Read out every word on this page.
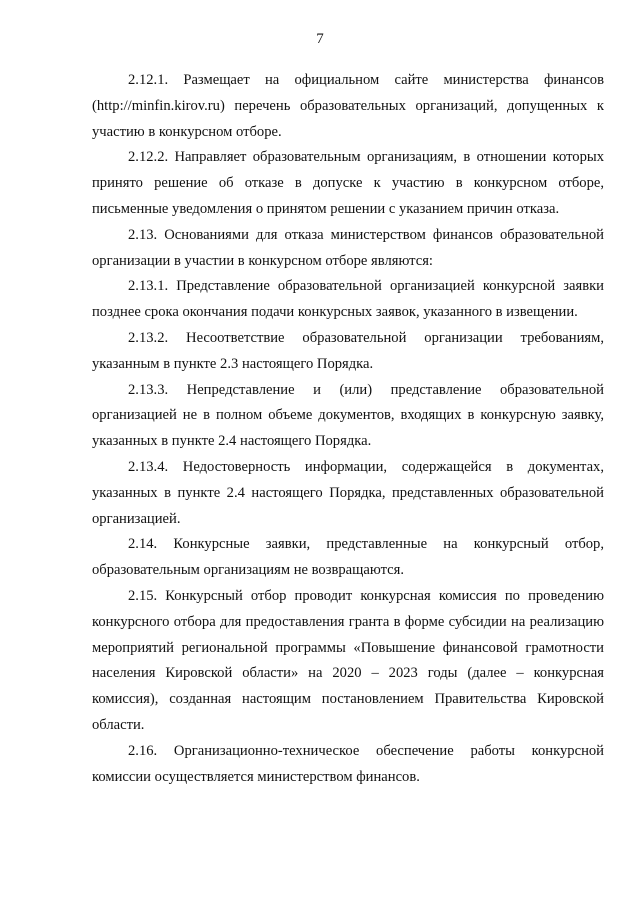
7

2.12.1. Размещает на официальном сайте министерства финансов (http://minfin.kirov.ru) перечень образовательных организаций, допущенных к участию в конкурсном отборе.

2.12.2. Направляет образовательным организациям, в отношении которых принято решение об отказе в допуске к участию в конкурсном отборе, письменные уведомления о принятом решении с указанием причин отказа.

2.13. Основаниями для отказа министерством финансов образовательной организации в участии в конкурсном отборе являются:

2.13.1. Представление образовательной организацией конкурсной заявки позднее срока окончания подачи конкурсных заявок, указанного в извещении.

2.13.2. Несоответствие образовательной организации требованиям, указанным в пункте 2.3 настоящего Порядка.

2.13.3. Непредставление и (или) представление образовательной организацией не в полном объеме документов, входящих в конкурсную заявку, указанных в пункте 2.4 настоящего Порядка.

2.13.4. Недостоверность информации, содержащейся в документах, указанных в пункте 2.4 настоящего Порядка, представленных образовательной организацией.

2.14. Конкурсные заявки, представленные на конкурсный отбор, образовательным организациям не возвращаются.

2.15. Конкурсный отбор проводит конкурсная комиссия по проведению конкурсного отбора для предоставления гранта в форме субсидии на реализацию мероприятий региональной программы «Повышение финансовой грамотности населения Кировской области» на 2020 – 2023 годы (далее – конкурсная комиссия), созданная настоящим постановлением Правительства Кировской области.

2.16. Организационно-техническое обеспечение работы конкурсной комиссии осуществляется министерством финансов.
